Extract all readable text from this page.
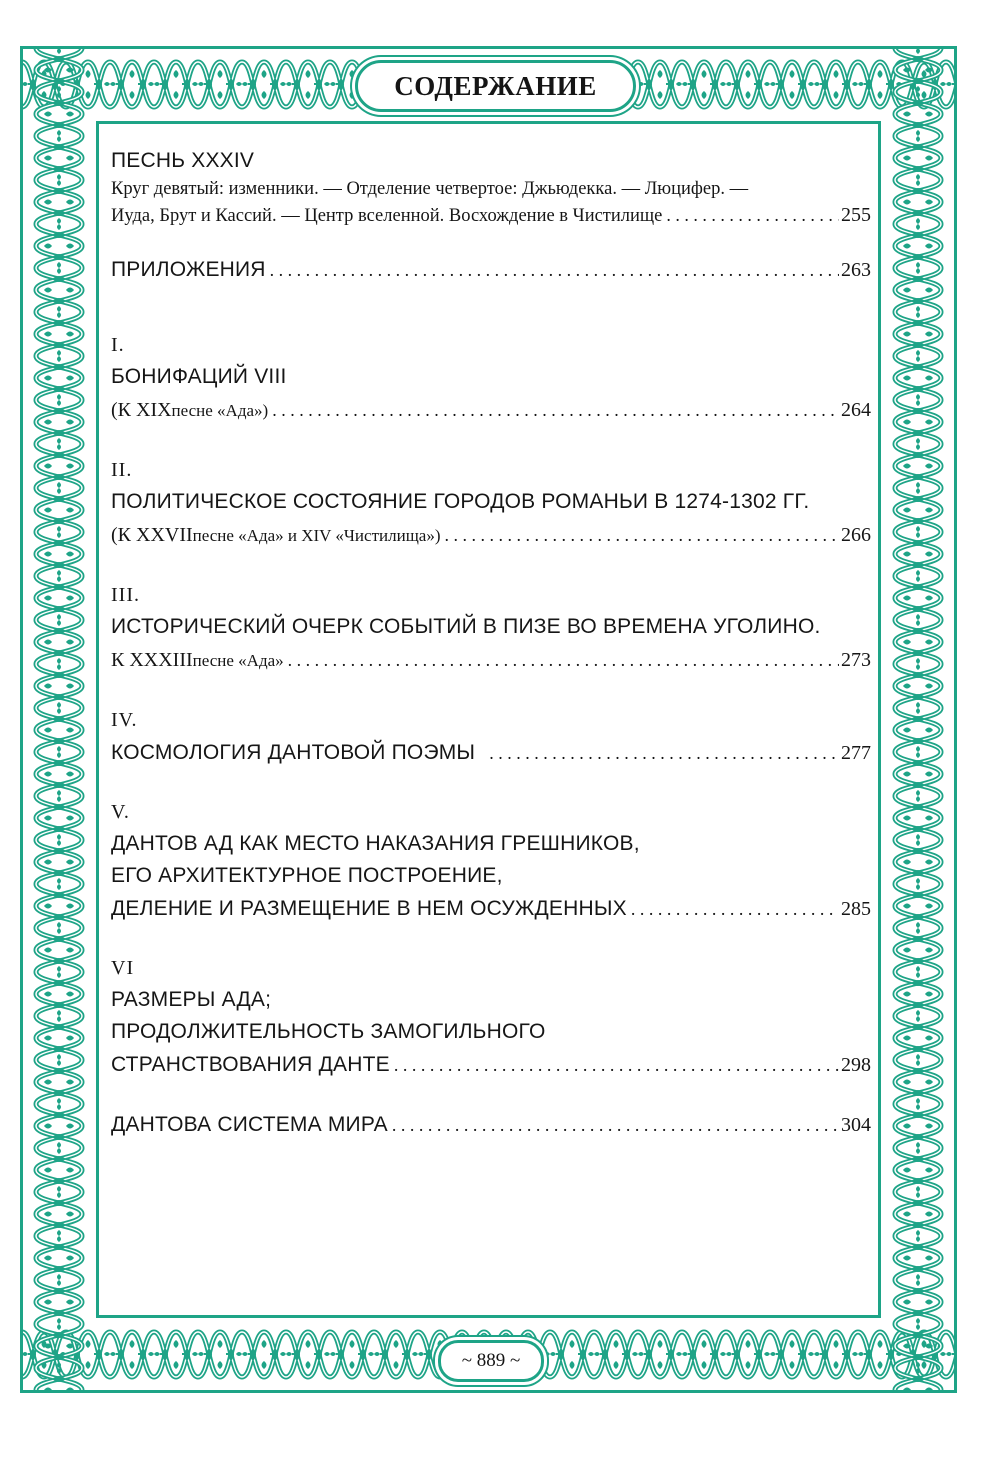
СОДЕРЖАНИЕ
~ 889 ~
ПЕСНЬ XXXIV
Круг девятый: изменники. — Отделение четвертое: Джьюдекка. — Люцифер. —
Иуда, Брут и Кассий. — Центр вселенной. Восхождение в Чистилище . . .	255
ПРИЛОЖЕНИЯ . . .	263
I.
БОНИФАЦИЙ VIII
(К XIX песне «Ада») . . .	264
II.
ПОЛИТИЧЕСКОЕ СОСТОЯНИЕ ГОРОДОВ РОМАНЬИ В 1274-1302 ГГ.
(К XXVII песне «Ада» и XIV «Чистилища») . . .	266
III.
ИСТОРИЧЕСКИЙ ОЧЕРК СОБЫТИЙ В ПИЗЕ ВО ВРЕМЕНА УГОЛИНО.
К XXXIII песне «Ада» . . .	273
IV.
КОСМОЛОГИЯ ДАНТОВОЙ ПОЭМЫ . . .	277
V.
ДАНТОВ АД КАК МЕСТО НАКАЗАНИЯ ГРЕШНИКОВ,
ЕГО АРХИТЕКТУРНОЕ ПОСТРОЕНИЕ,
ДЕЛЕНИЕ И РАЗМЕЩЕНИЕ В НЕМ ОСУЖДЕННЫХ . . .	285
VI
РАЗМЕРЫ АДА;
ПРОДОЛЖИТЕЛЬНОСТЬ ЗАМОГИЛЬНОГО
СТРАНСТВОВАНИЯ ДАНТЕ . . .	298
ДАНТОВА СИСТЕМА МИРА . . .	304
